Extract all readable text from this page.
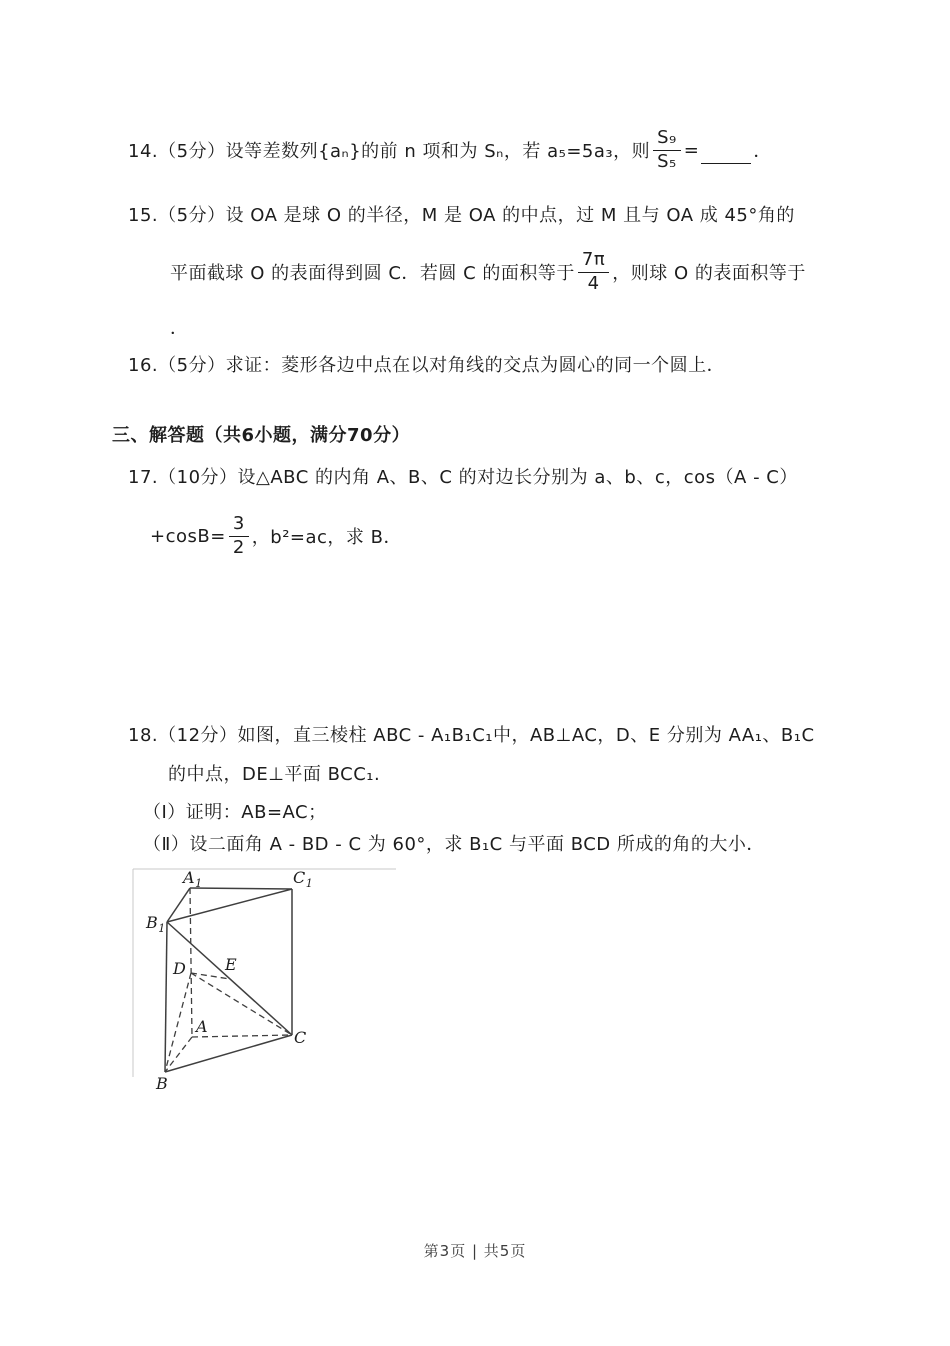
14.（5分）设等差数列{aₙ}的前 n 项和为 Sₙ，若 a₅=5a₃，则 $\frac{\text{S₉}}{\text{S₅}}$ =	．
15.（5分）设 OA 是球 O 的半径，M 是 OA 的中点，过 M 且与 OA 成 45°角的
平面截球 O 的表面得到圆 C．若圆 C 的面积等于 $\frac{7\pi}{4}$ ，则球 O 的表面积等于
．
16.（5分）求证：菱形各边中点在以对角线的交点为圆心的同一个圆上．
三、解答题（共6小题，满分70分）
17.（10分）设△ABC 的内角 A、B、C 的对边长分别为 a、b、c，cos（A - C）
$+\cos B= \frac{3}{2}$ ，b²=ac，求 B．
18.（12分）如图，直三棱柱 ABC - A₁B₁C₁中，AB⊥AC，D、E 分别为 AA₁、B₁C
的中点，DE⊥平面 BCC₁.
（Ⅰ）证明：AB=AC；
（Ⅱ）设二面角 A - BD - C 为 60°，求 B₁C 与平面 BCD 所成的角的大小．
$A_1$	$C_1$
$B_1$
D E
A
C
B
第3页 | 共5页
